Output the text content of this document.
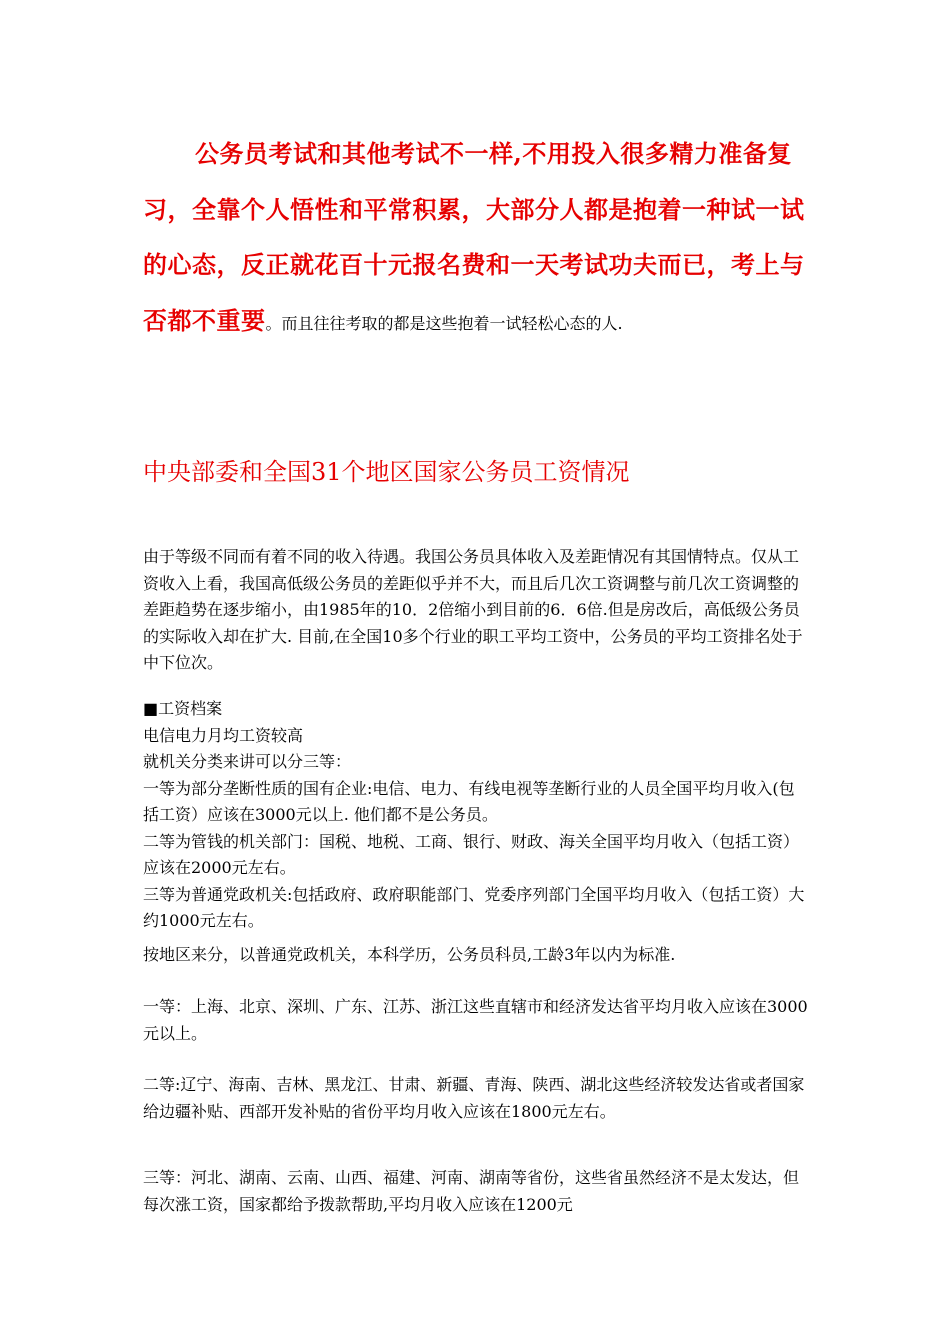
公务员考试和其他考试不一样,不用投入很多精力准备复习，全靠个人悟性和平常积累，大部分人都是抱着一种试一试的心态，反正就花百十元报名费和一天考试功夫而已，考上与否都不重要。而且往往考取的都是这些抱着一试轻松心态的人.

中央部委和全国31个地区国家公务员工资情况

由于等级不同而有着不同的收入待遇。我国公务员具体收入及差距情况有其国情特点。仅从工资收入上看，我国高低级公务员的差距似乎并不大，而且后几次工资调整与前几次工资调整的差距趋势在逐步缩小，由1985年的10．2倍缩小到目前的6．6倍.但是房改后，高低级公务员的实际收入却在扩大. 目前,在全国10多个行业的职工平均工资中，公务员的平均工资排名处于中下位次。

■工资档案
电信电力月均工资较高
就机关分类来讲可以分三等：

一等为部分垄断性质的国有企业:电信、电力、有线电视等垄断行业的人员全国平均月收入(包括工资）应该在3000元以上. 他们都不是公务员。

二等为管钱的机关部门：国税、地税、工商、银行、财政、海关全国平均月收入（包括工资）应该在2000元左右。

三等为普通党政机关:包括政府、政府职能部门、党委序列部门全国平均月收入（包括工资）大约1000元左右。

按地区来分，以普通党政机关，本科学历，公务员科员,工龄3年以内为标准.

一等：上海、北京、深圳、广东、江苏、浙江这些直辖市和经济发达省平均月收入应该在3000元以上。

二等:辽宁、海南、吉林、黑龙江、甘肃、新疆、青海、陕西、湖北这些经济较发达省或者国家给边疆补贴、西部开发补贴的省份平均月收入应该在1800元左右。

三等：河北、湖南、云南、山西、福建、河南、湖南等省份，这些省虽然经济不是太发达，但每次涨工资，国家都给予拨款帮助,平均月收入应该在1200元
